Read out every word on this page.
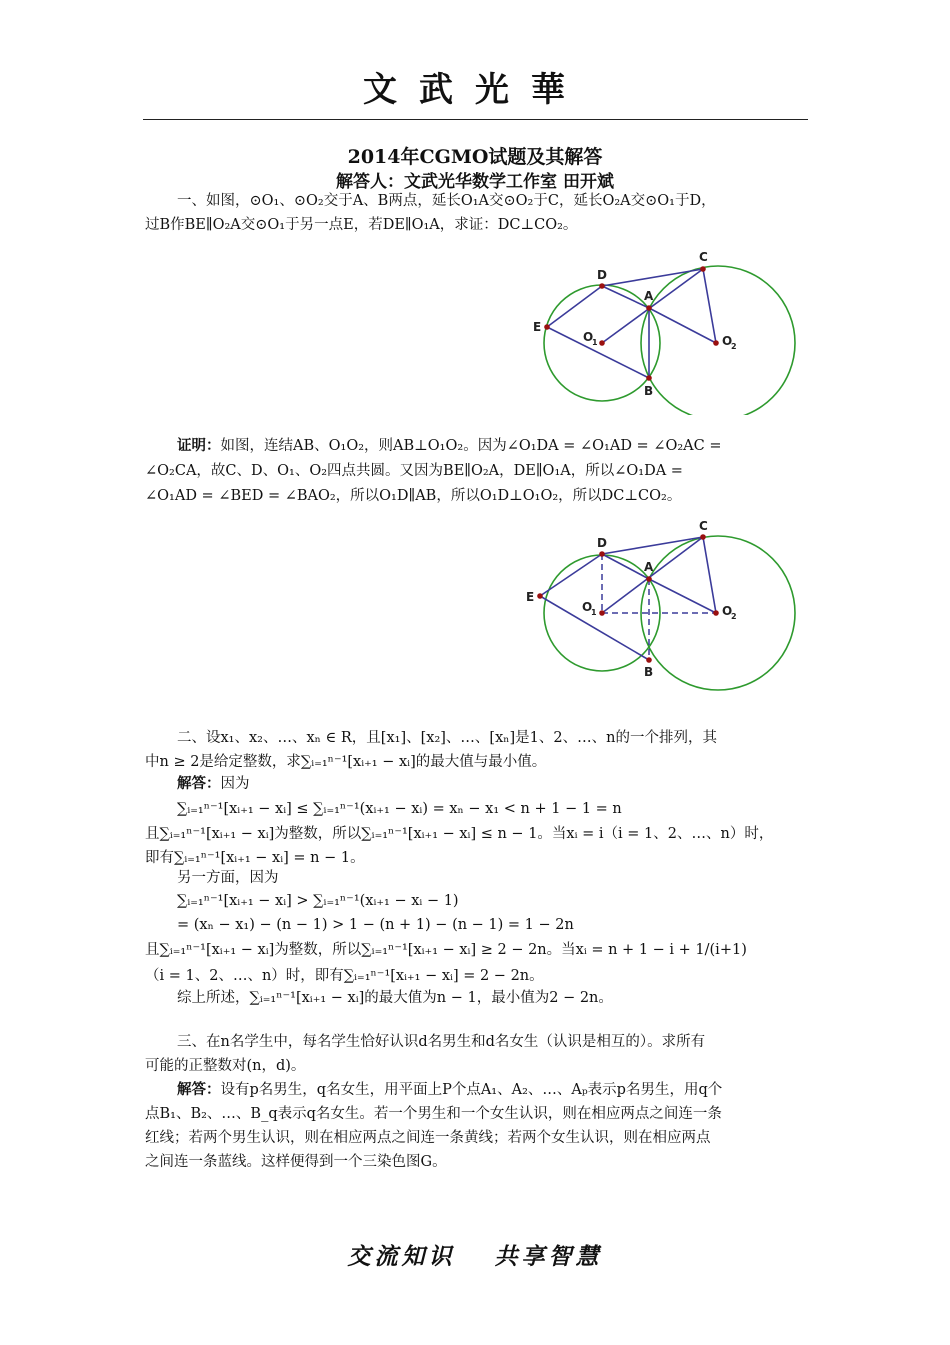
文武光華
2014年CGMO试题及其解答
解答人：文武光华数学工作室 田开斌
一、如图，⊙O₁、⊙O₂交于A、B两点，延长O₁A交⊙O₂于C，延长O₂A交⊙O₁于D，
过B作BE∥O₂A交⊙O₁于另一点E，若DE∥O₁A，求证：DC⊥CO₂。
C
D
A
E
B
O
1	O
2
证明：如图，连结AB、O₁O₂，则AB⊥O₁O₂。因为∠O₁DA = ∠O₁AD = ∠O₂AC =
∠O₂CA，故C、D、O₁、O₂四点共圆。又因为BE∥O₂A，DE∥O₁A，所以∠O₁DA =
∠O₁AD = ∠BED = ∠BAO₂，所以O₁D∥AB，所以O₁D⊥O₁O₂，所以DC⊥CO₂。
C
D
A
E
B
O
1	O
2
二、设x₁、x₂、…、xₙ ∈ R，且[x₁]、[x₂]、…、[xₙ]是1、2、…、n的一个排列，其
中n ≥ 2是给定整数，求∑ᵢ₌₁ⁿ⁻¹[xᵢ₊₁ − xᵢ]的最大值与最小值。
解答：因为
∑ᵢ₌₁ⁿ⁻¹[xᵢ₊₁ − xᵢ] ≤ ∑ᵢ₌₁ⁿ⁻¹(xᵢ₊₁ − xᵢ) = xₙ − x₁ < n + 1 − 1 = n
且∑ᵢ₌₁ⁿ⁻¹[xᵢ₊₁ − xᵢ]为整数，所以∑ᵢ₌₁ⁿ⁻¹[xᵢ₊₁ − xᵢ] ≤ n − 1。当xᵢ = i（i = 1、2、…、n）时，
即有∑ᵢ₌₁ⁿ⁻¹[xᵢ₊₁ − xᵢ] = n − 1。
另一方面，因为
∑ᵢ₌₁ⁿ⁻¹[xᵢ₊₁ − xᵢ] > ∑ᵢ₌₁ⁿ⁻¹(xᵢ₊₁ − xᵢ − 1)
= (xₙ − x₁) − (n − 1) > 1 − (n + 1) − (n − 1) = 1 − 2n
且∑ᵢ₌₁ⁿ⁻¹[xᵢ₊₁ − xᵢ]为整数，所以∑ᵢ₌₁ⁿ⁻¹[xᵢ₊₁ − xᵢ] ≥ 2 − 2n。当xᵢ = n + 1 − i + 1/(i+1)
（i = 1、2、…、n）时，即有∑ᵢ₌₁ⁿ⁻¹[xᵢ₊₁ − xᵢ] = 2 − 2n。
综上所述，∑ᵢ₌₁ⁿ⁻¹[xᵢ₊₁ − xᵢ]的最大值为n − 1，最小值为2 − 2n。
三、在n名学生中，每名学生恰好认识d名男生和d名女生（认识是相互的）。求所有
可能的正整数对(n，d)。
解答：设有p名男生，q名女生，用平面上P个点A₁、A₂、…、Aₚ表示p名男生，用q个
点B₁、B₂、…、B_q表示q名女生。若一个男生和一个女生认识，则在相应两点之间连一条
红线；若两个男生认识，则在相应两点之间连一条黄线；若两个女生认识，则在相应两点
之间连一条蓝线。这样便得到一个三染色图G。
交流知识　 共享智慧
